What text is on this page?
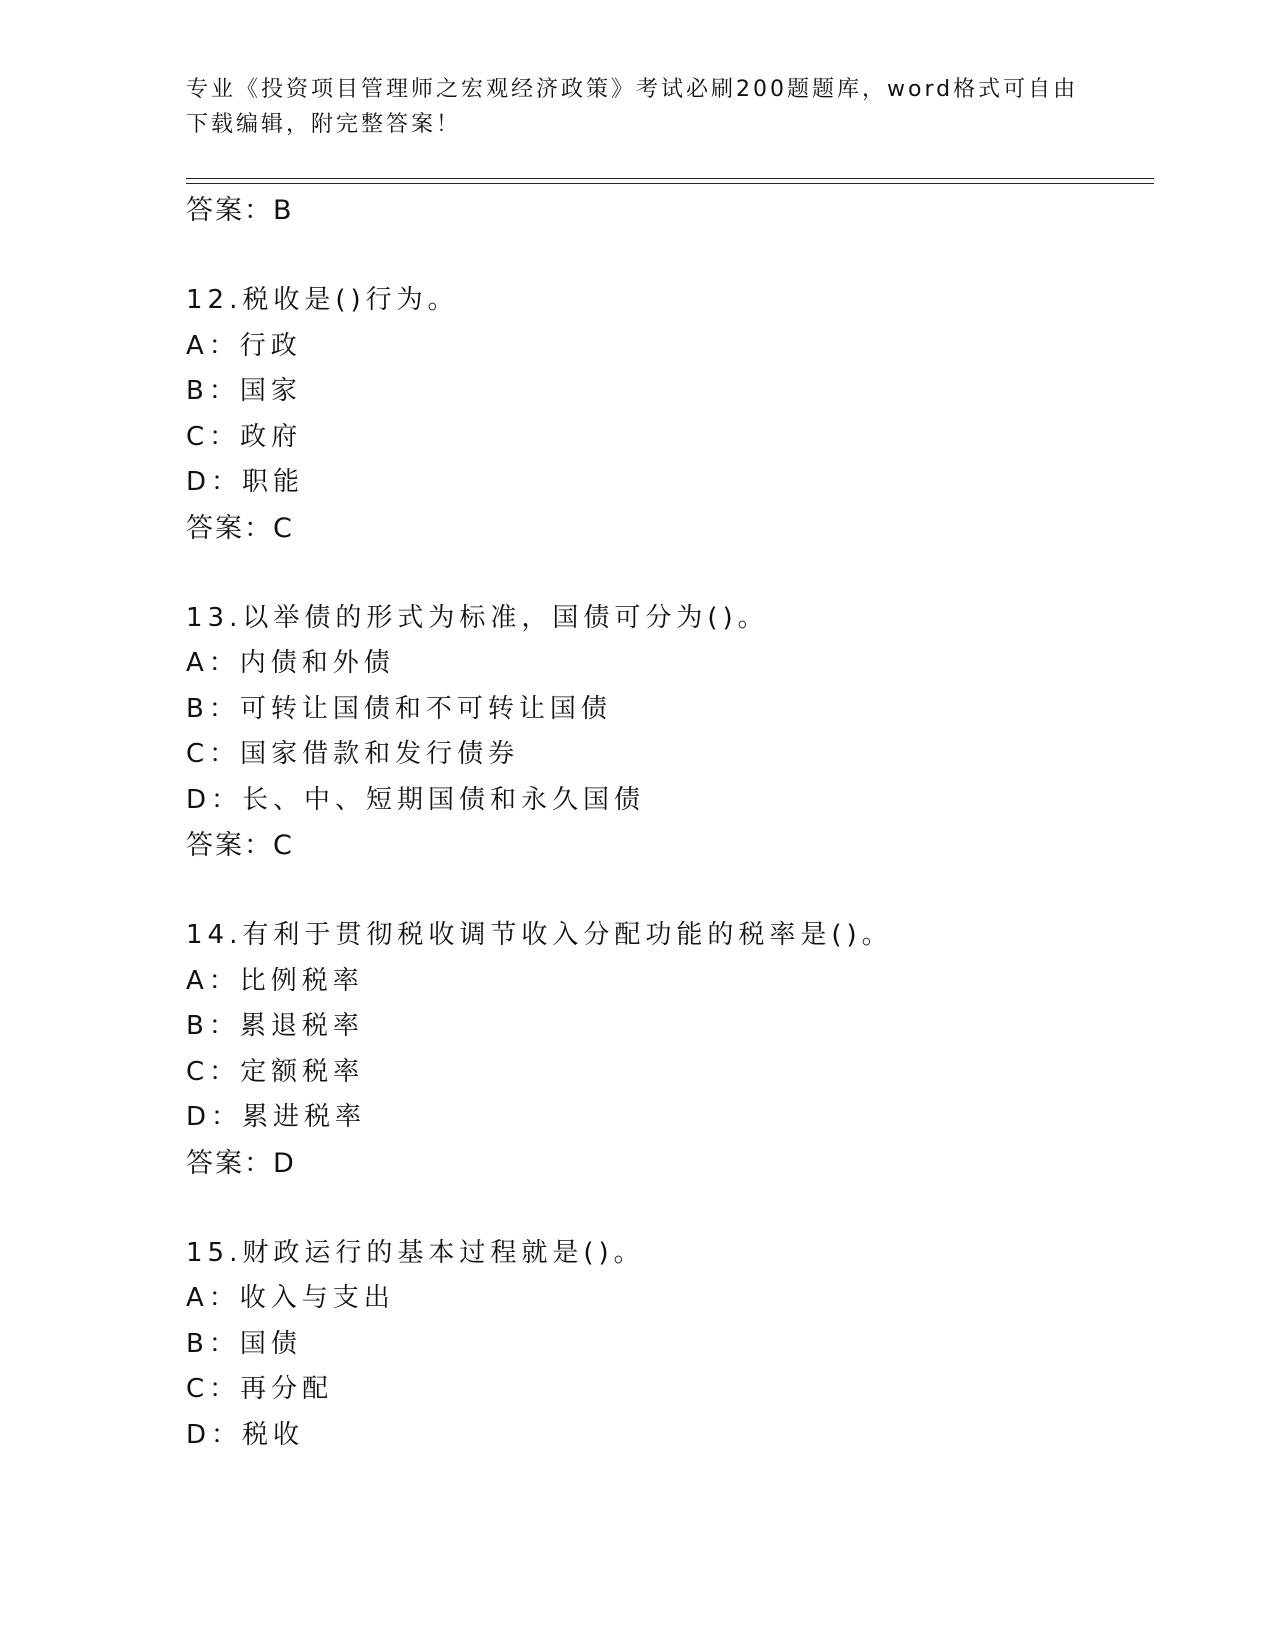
专业《投资项目管理师之宏观经济政策》考试必刷200题题库，word格式可自由
下载编辑，附完整答案！
答案：B
12.税收是()行为。
A：行政
B：国家
C：政府
D：职能
答案：C
13.以举债的形式为标准，国债可分为()。
A：内债和外债
B：可转让国债和不可转让国债
C：国家借款和发行债券
D：长、中、短期国债和永久国债
答案：C
14.有利于贯彻税收调节收入分配功能的税率是()。
A：比例税率
B：累退税率
C：定额税率
D：累进税率
答案：D
15.财政运行的基本过程就是()。
A：收入与支出
B：国债
C：再分配
D：税收
